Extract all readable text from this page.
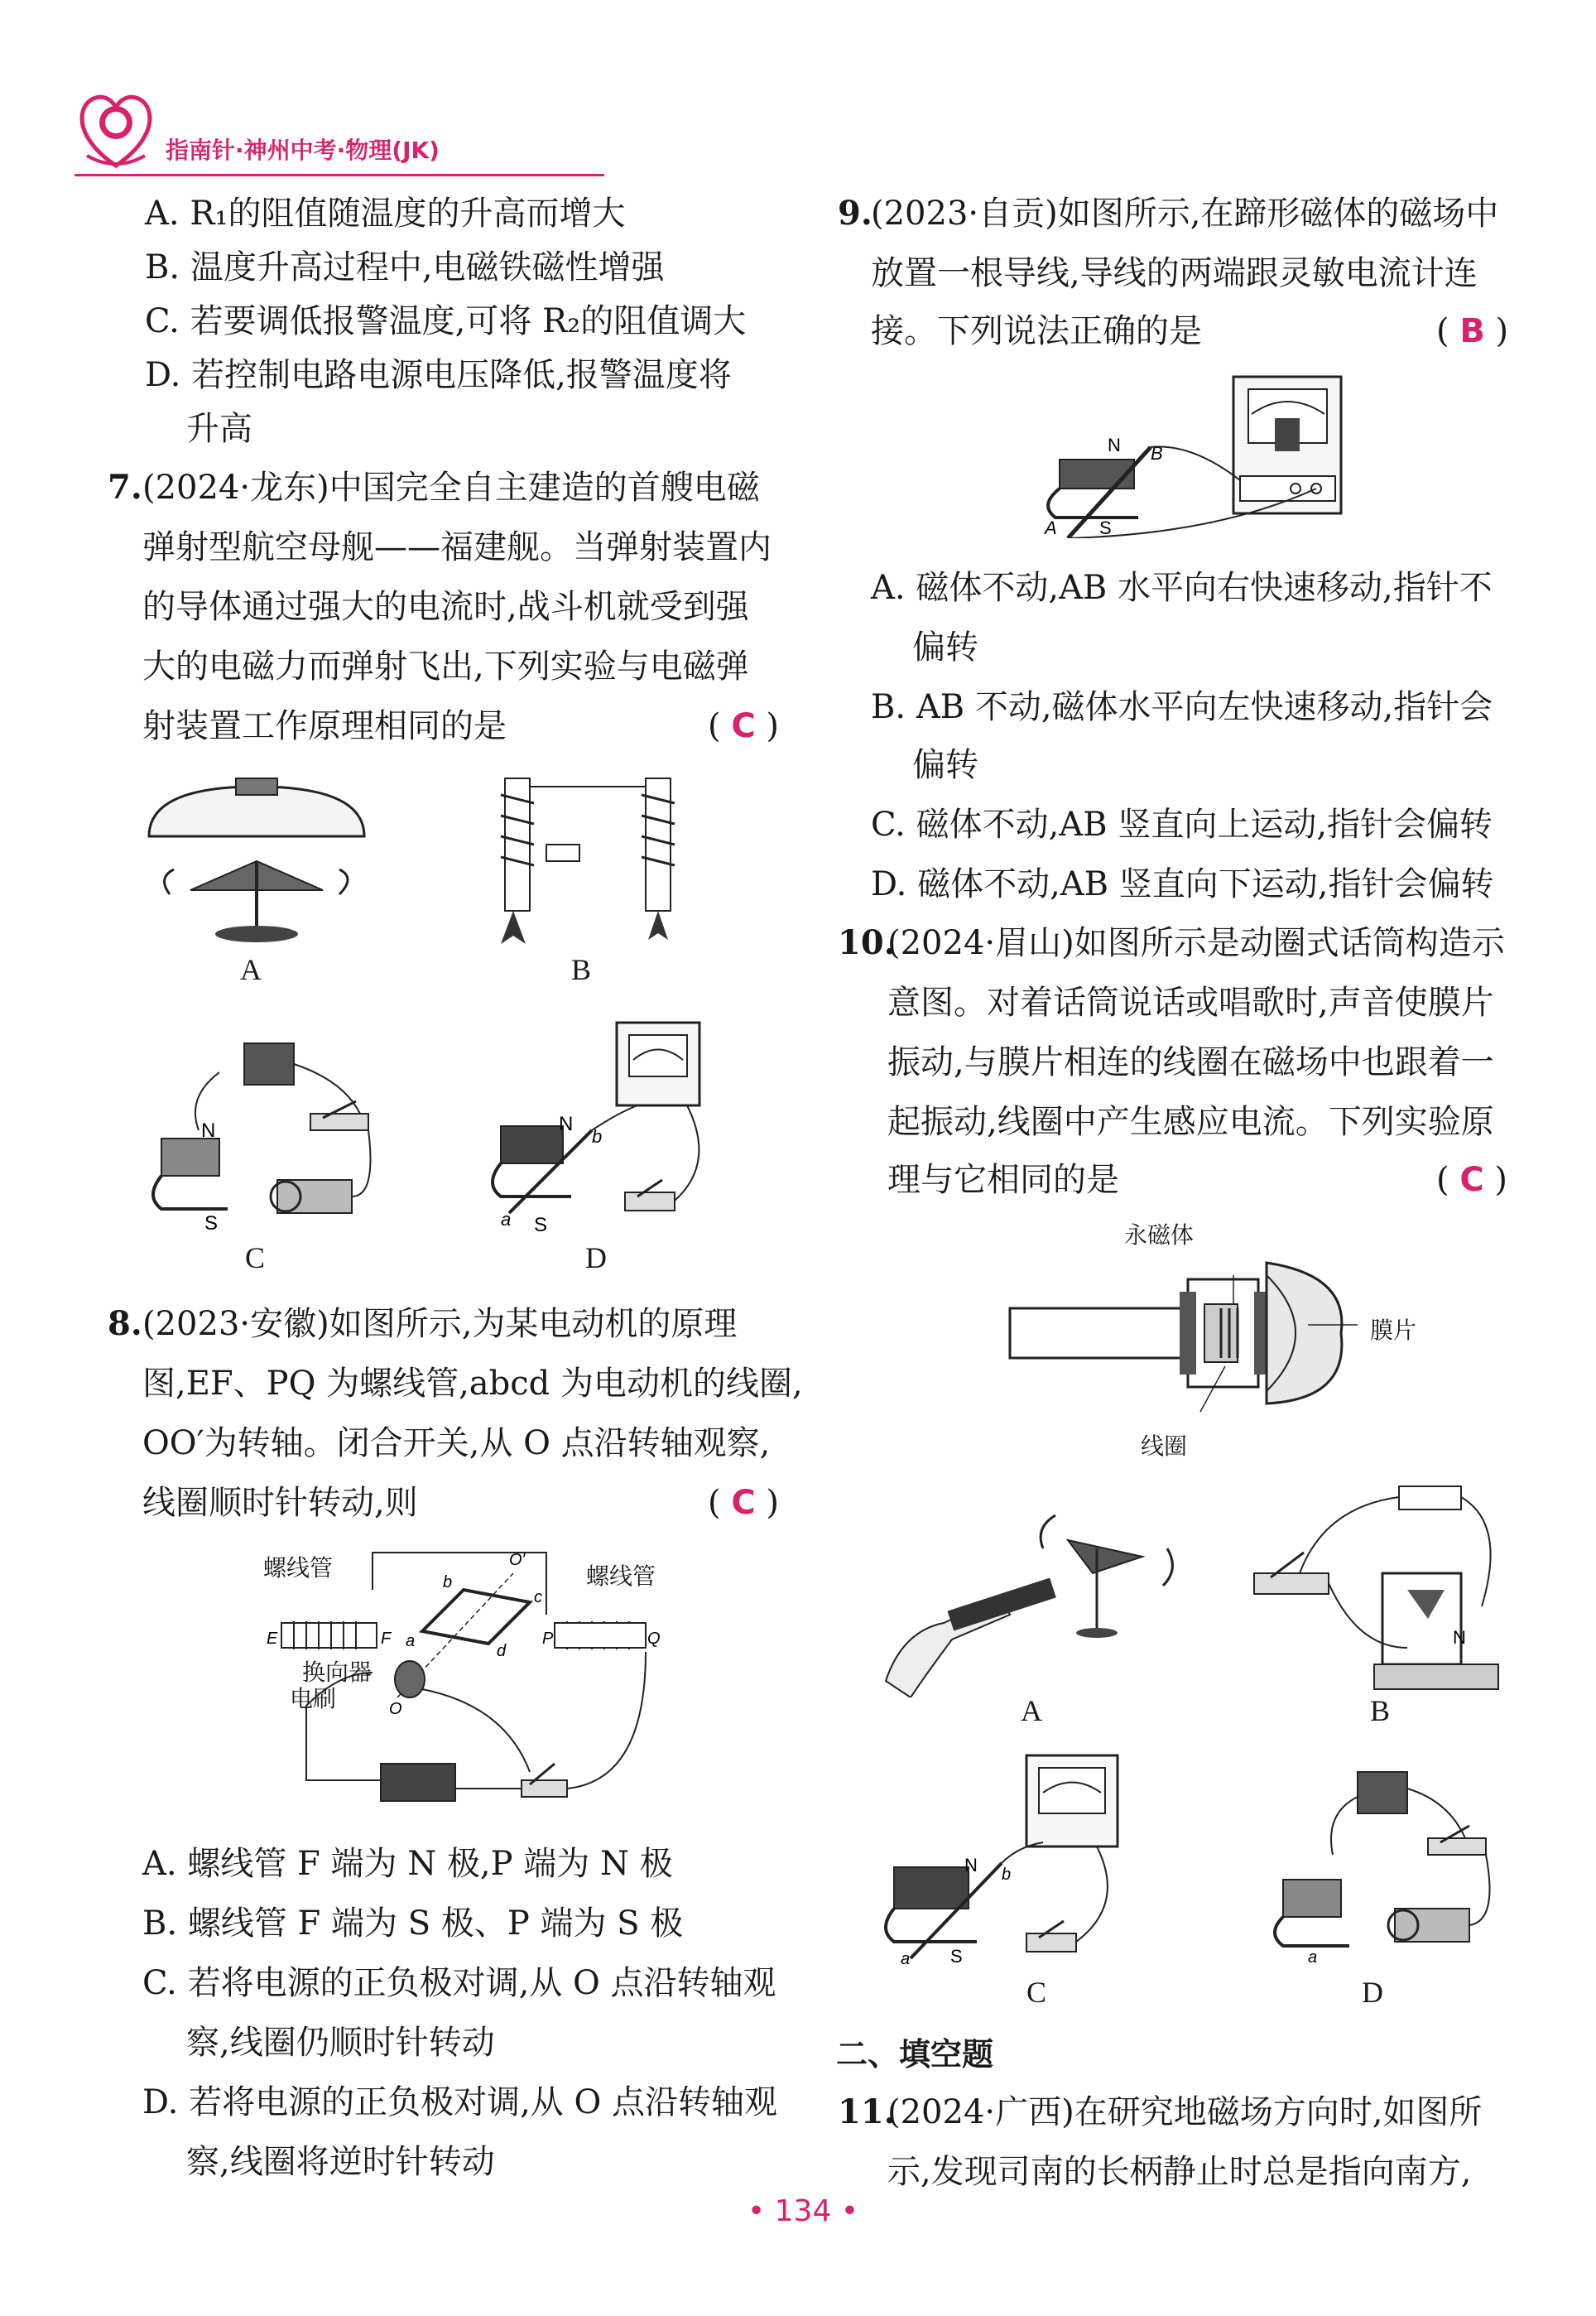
指南针·神州中考·物理(JK)
A. R₁的阻值随温度的升高而增大
B. 温度升高过程中,电磁铁磁性增强
C. 若要调低报警温度,可将 R₂的阻值调大
D. 若控制电路电源电压降低,报警温度将
升高
7. (2024·龙东)中国完全自主建造的首艘电磁
弹射型航空母舰——福建舰。当弹射装置内
的导体通过强大的电流时,战斗机就受到强
大的电磁力而弹射飞出,下列实验与电磁弹
射装置工作原理相同的是	( C )
A	B
N
S
C
N
S
b
a
D
8. (2023·安徽)如图所示,为某电动机的原理
图,EF、PQ 为螺线管,abcd 为电动机的线圈,
OO′为转轴。闭合开关,从 O 点沿转轴观察,
线圈顺时针转动,则	( C )
E	F	P	Q
O′
b
c
a
d
O
螺线管	螺线管
换向器
电刷
A. 螺线管 F 端为 N 极,P 端为 N 极
B. 螺线管 F 端为 S 极、P 端为 S 极
C. 若将电源的正负极对调,从 O 点沿转轴观
察,线圈仍顺时针转动
D. 若将电源的正负极对调,从 O 点沿转轴观
察,线圈将逆时针转动
9.
(2023·自贡)如图所示,在蹄形磁体的磁场中
放置一根导线,导线的两端跟灵敏电流计连
接。下列说法正确的是	( B )
N
S
B
A
A. 磁体不动,AB 水平向右快速移动,指针不
偏转
B. AB 不动,磁体水平向左快速移动,指针会
偏转
C. 磁体不动,AB 竖直向上运动,指针会偏转
D. 磁体不动,AB 竖直向下运动,指针会偏转
10.
(2024·眉山)如图所示是动圈式话筒构造示
意图。对着话筒说话或唱歌时,声音使膜片
振动,与膜片相连的线圈在磁场中也跟着一
起振动,线圈中产生感应电流。下列实验原
理与它相同的是	( C )
永磁体
膜片
线圈
A
N
B
N
S
b
a
C
a
D
二、填空题
11.
(2024·广西)在研究地磁场方向时,如图所
示,发现司南的长柄静止时总是指向南方,
• 134 •
